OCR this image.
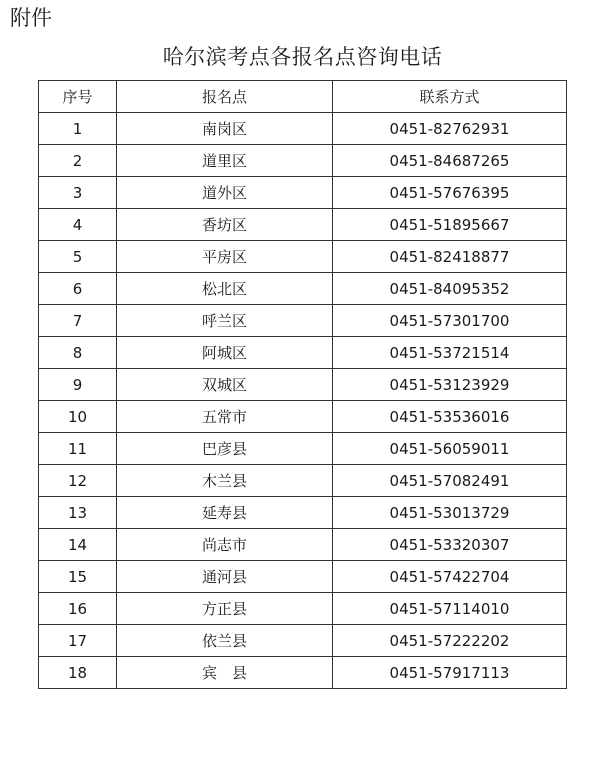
附件
哈尔滨考点各报名点咨询电话
序号	报名点	联系方式
1	南岗区	0451-82762931
2	道里区	0451-84687265
3	道外区	0451-57676395
4	香坊区	0451-51895667
5	平房区	0451-82418877
6	松北区	0451-84095352
7	呼兰区	0451-57301700
8	阿城区	0451-53721514
9	双城区	0451-53123929
10	五常市	0451-53536016
11	巴彦县	0451-56059011
12	木兰县	0451-57082491
13	延寿县	0451-53013729
14	尚志市	0451-53320307
15	通河县	0451-57422704
16	方正县	0451-57114010
17	依兰县	0451-57222202
18	宾　县	0451-57917113
